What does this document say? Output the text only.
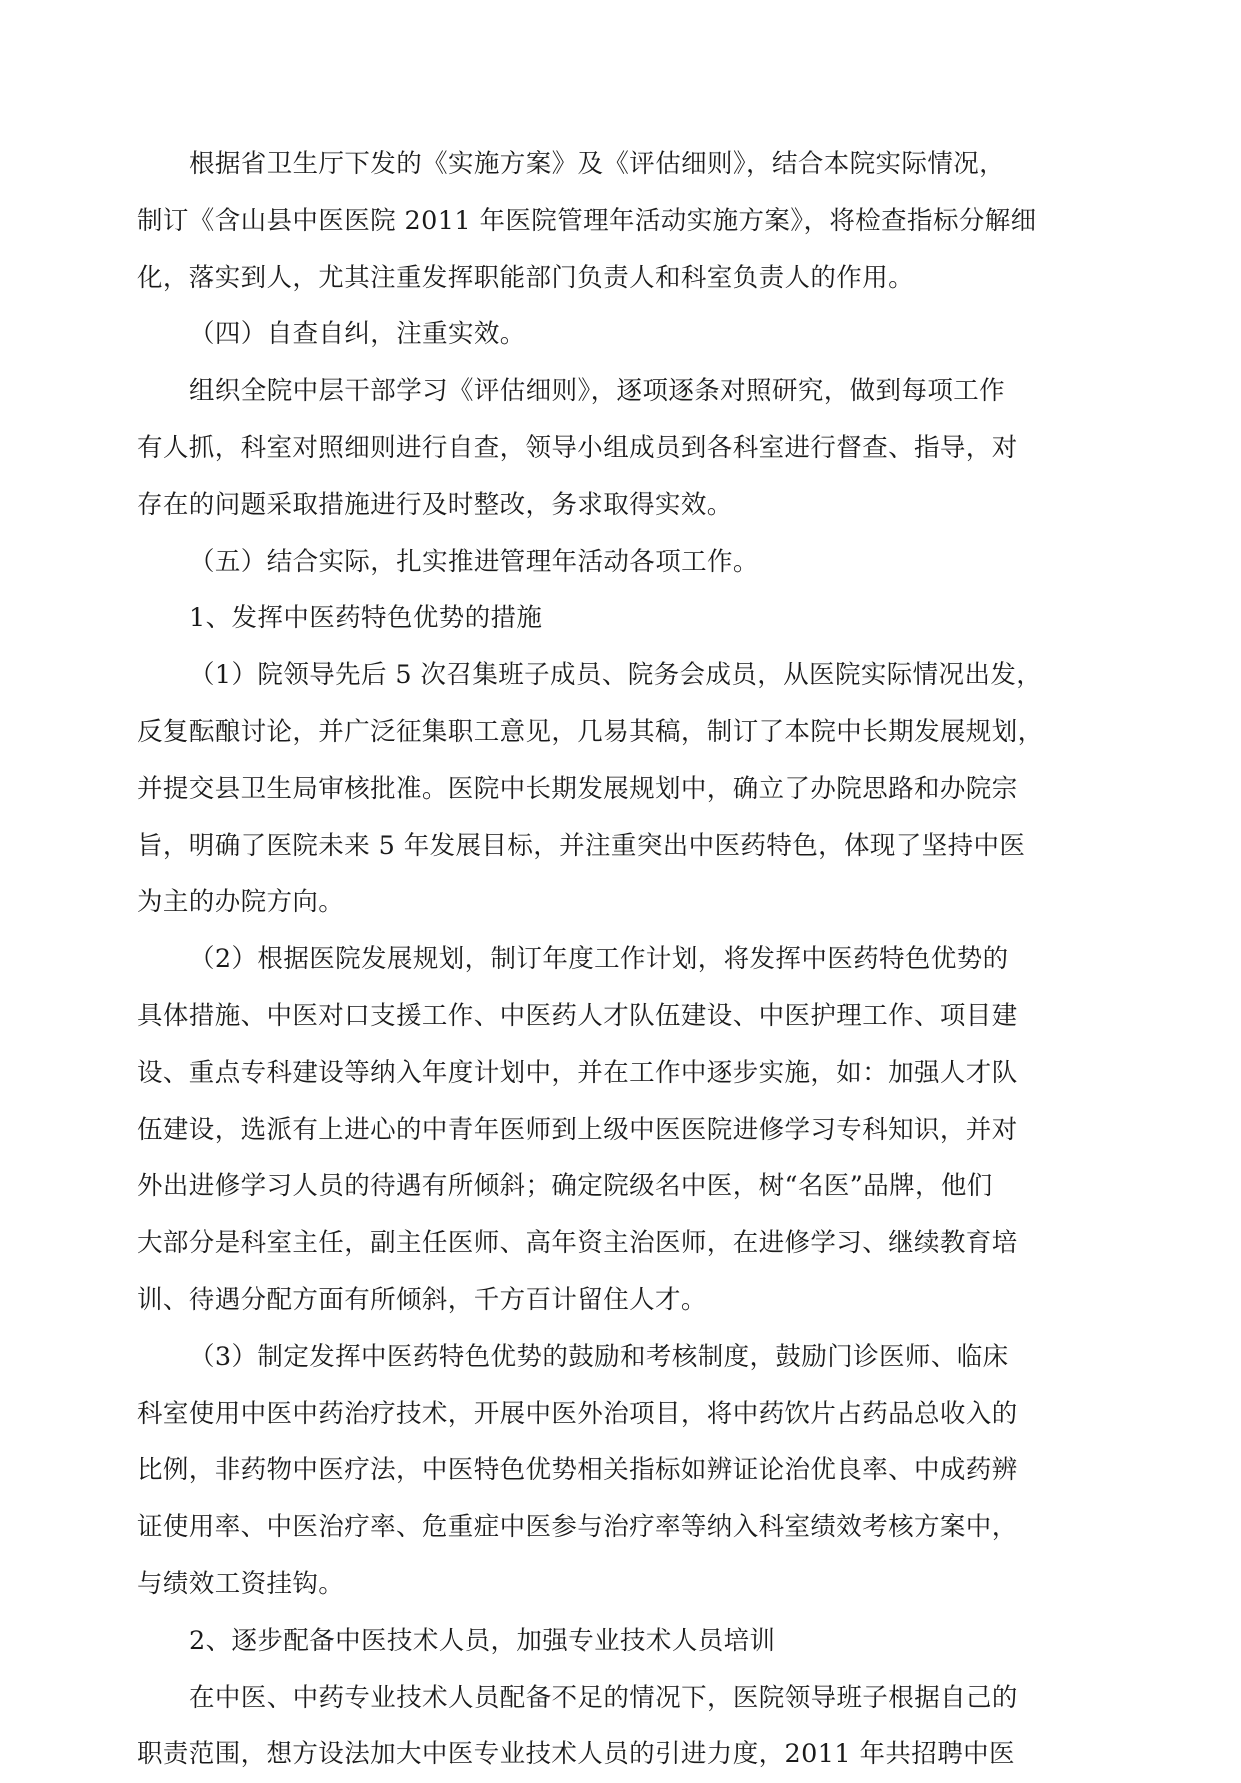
根据省卫生厅下发的《实施方案》及《评估细则》，结合本院实际情况，
制订《含山县中医医院 2011 年医院管理年活动实施方案》，将检查指标分解细
化，落实到人，尤其注重发挥职能部门负责人和科室负责人的作用。
（四）自查自纠，注重实效。
组织全院中层干部学习《评估细则》，逐项逐条对照研究，做到每项工作
有人抓，科室对照细则进行自查，领导小组成员到各科室进行督查、指导，对
存在的问题采取措施进行及时整改，务求取得实效。
（五）结合实际，扎实推进管理年活动各项工作。
1、发挥中医药特色优势的措施
（1）院领导先后 5 次召集班子成员、院务会成员，从医院实际情况出发，
反复酝酿讨论，并广泛征集职工意见，几易其稿，制订了本院中长期发展规划，
并提交县卫生局审核批准。医院中长期发展规划中，确立了办院思路和办院宗
旨，明确了医院未来 5 年发展目标，并注重突出中医药特色，体现了坚持中医
为主的办院方向。
（2）根据医院发展规划，制订年度工作计划，将发挥中医药特色优势的
具体措施、中医对口支援工作、中医药人才队伍建设、中医护理工作、项目建
设、重点专科建设等纳入年度计划中，并在工作中逐步实施，如：加强人才队
伍建设，选派有上进心的中青年医师到上级中医医院进修学习专科知识，并对
外出进修学习人员的待遇有所倾斜；确定院级名中医，树“名医”品牌，他们
大部分是科室主任，副主任医师、高年资主治医师，在进修学习、继续教育培
训、待遇分配方面有所倾斜，千方百计留住人才。
（3）制定发挥中医药特色优势的鼓励和考核制度，鼓励门诊医师、临床
科室使用中医中药治疗技术，开展中医外治项目，将中药饮片占药品总收入的
比例，非药物中医疗法，中医特色优势相关指标如辨证论治优良率、中成药辨
证使用率、中医治疗率、危重症中医参与治疗率等纳入科室绩效考核方案中，
与绩效工资挂钩。
2、逐步配备中医技术人员，加强专业技术人员培训
在中医、中药专业技术人员配备不足的情况下，医院领导班子根据自己的
职责范围，想方设法加大中医专业技术人员的引进力度，2011 年共招聘中医
